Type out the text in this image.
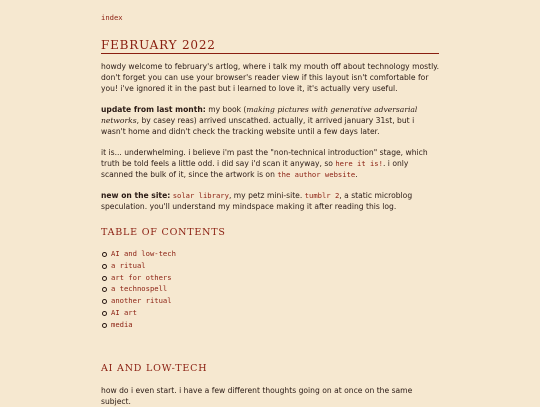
index
FEBRUARY 2022

howdy welcome to february's artlog, where i talk my mouth off about technology mostly. don't forget you can use your browser's reader view if this layout isn't comfortable for you! i've ignored it in the past but i learned to love it, it's actually very useful.

update from last month: my book (making pictures with generative adversarial networks, by casey reas) arrived unscathed. actually, it arrived january 31st, but i wasn't home and didn't check the tracking website until a few days later.

it is... underwhelming. i believe i'm past the "non-technical introduction" stage, which truth be told feels a little odd. i did say i'd scan it anyway, so here it is!. i only scanned the bulk of it, since the artwork is on the author website.

new on the site: solar library, my petz mini-site. tumblr 2, a static microblog speculation. you'll understand my mindspace making it after reading this log.

TABLE OF CONTENTS
AI and low-tech
a ritual
art for others
a technospell
another ritual
AI art
media
AI AND LOW-TECH

how do i even start. i have a few different thoughts going on at once on the same subject.
